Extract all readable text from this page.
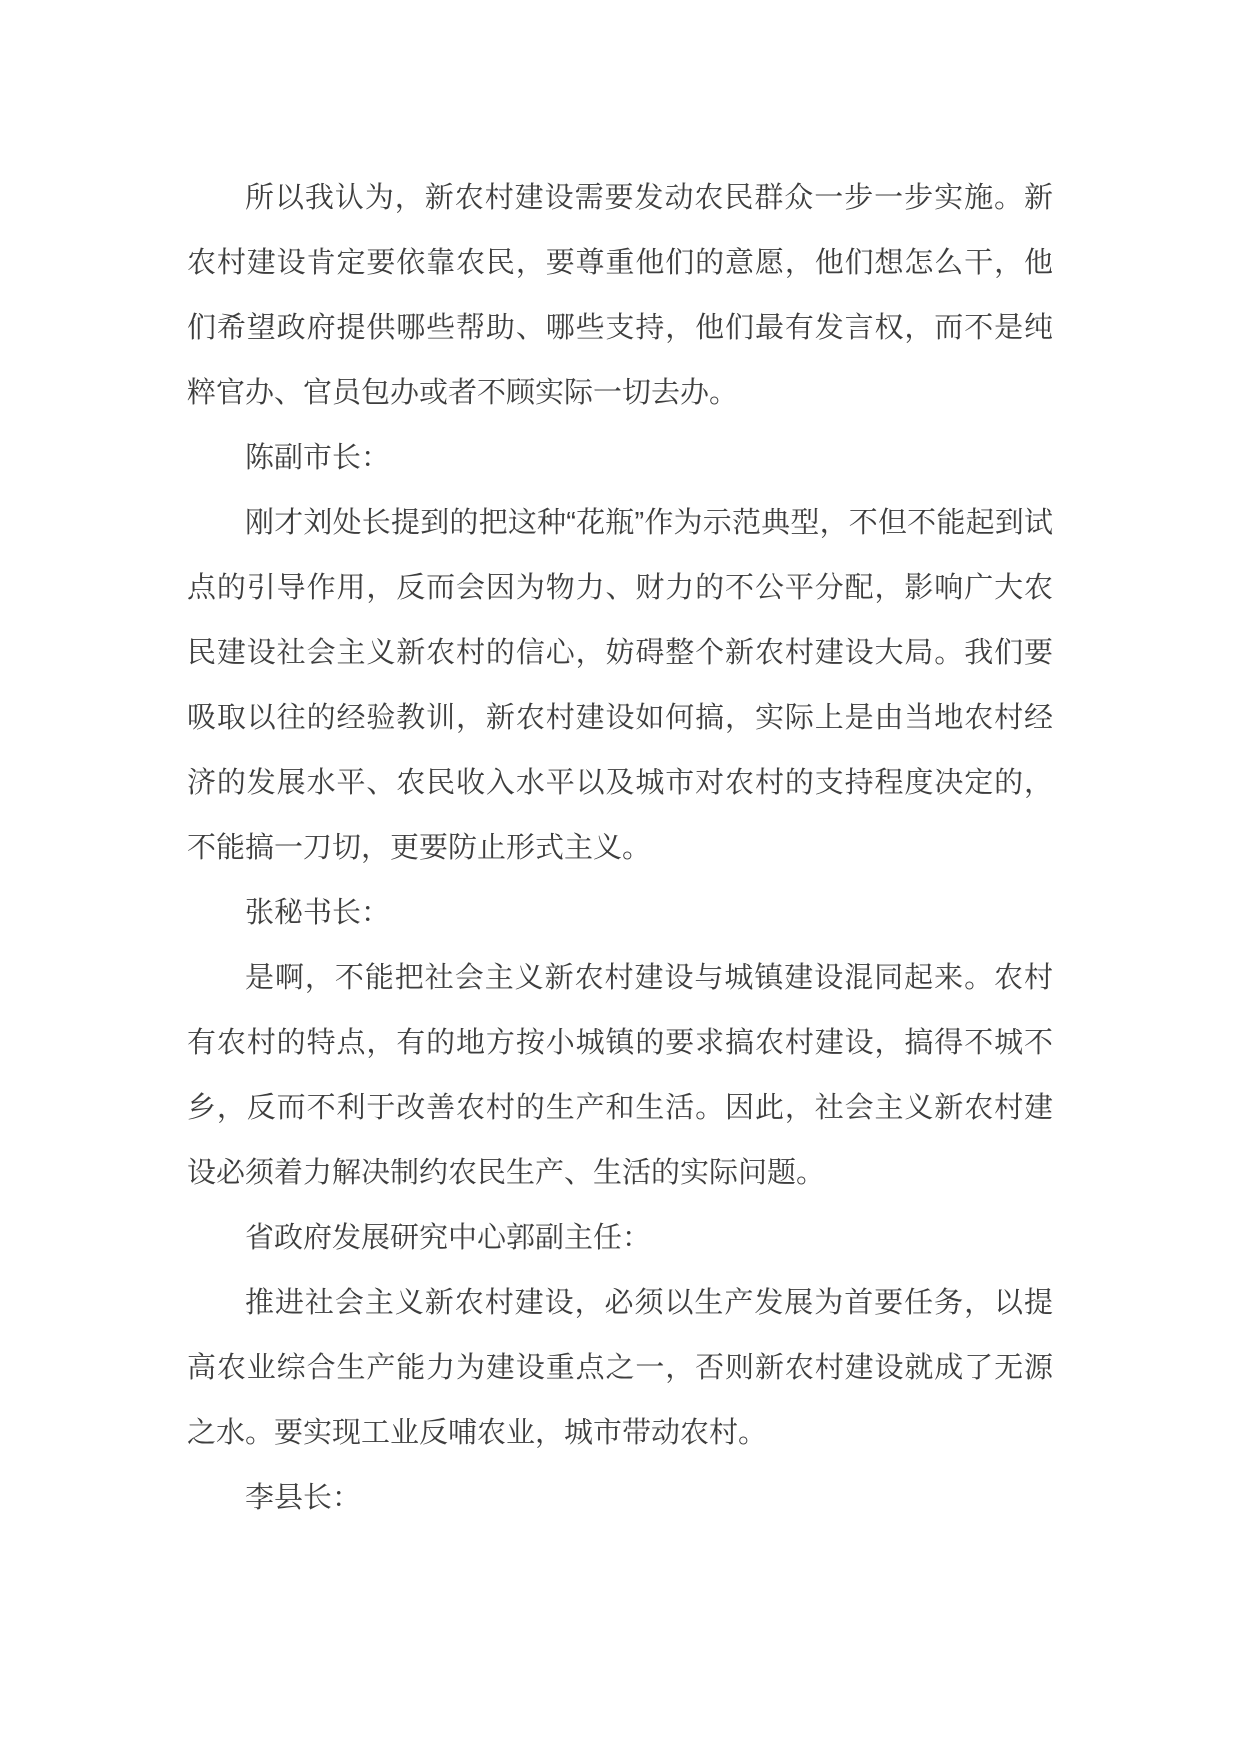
所以我认为，新农村建设需要发动农民群众一步一步实施。新农村建设肯定要依靠农民，要尊重他们的意愿，他们想怎么干，他们希望政府提供哪些帮助、哪些支持，他们最有发言权，而不是纯粹官办、官员包办或者不顾实际一切去办。

陈副市长：

刚才刘处长提到的把这种“花瓶”作为示范典型，不但不能起到试点的引导作用，反而会因为物力、财力的不公平分配，影响广大农民建设社会主义新农村的信心，妨碍整个新农村建设大局。我们要吸取以往的经验教训，新农村建设如何搞，实际上是由当地农村经济的发展水平、农民收入水平以及城市对农村的支持程度决定的，不能搞一刀切，更要防止形式主义。

张秘书长：

是啊，不能把社会主义新农村建设与城镇建设混同起来。农村有农村的特点，有的地方按小城镇的要求搞农村建设，搞得不城不乡，反而不利于改善农村的生产和生活。因此，社会主义新农村建设必须着力解决制约农民生产、生活的实际问题。

省政府发展研究中心郭副主任：

推进社会主义新农村建设，必须以生产发展为首要任务，以提高农业综合生产能力为建设重点之一，否则新农村建设就成了无源之水。要实现工业反哺农业，城市带动农村。

李县长：
